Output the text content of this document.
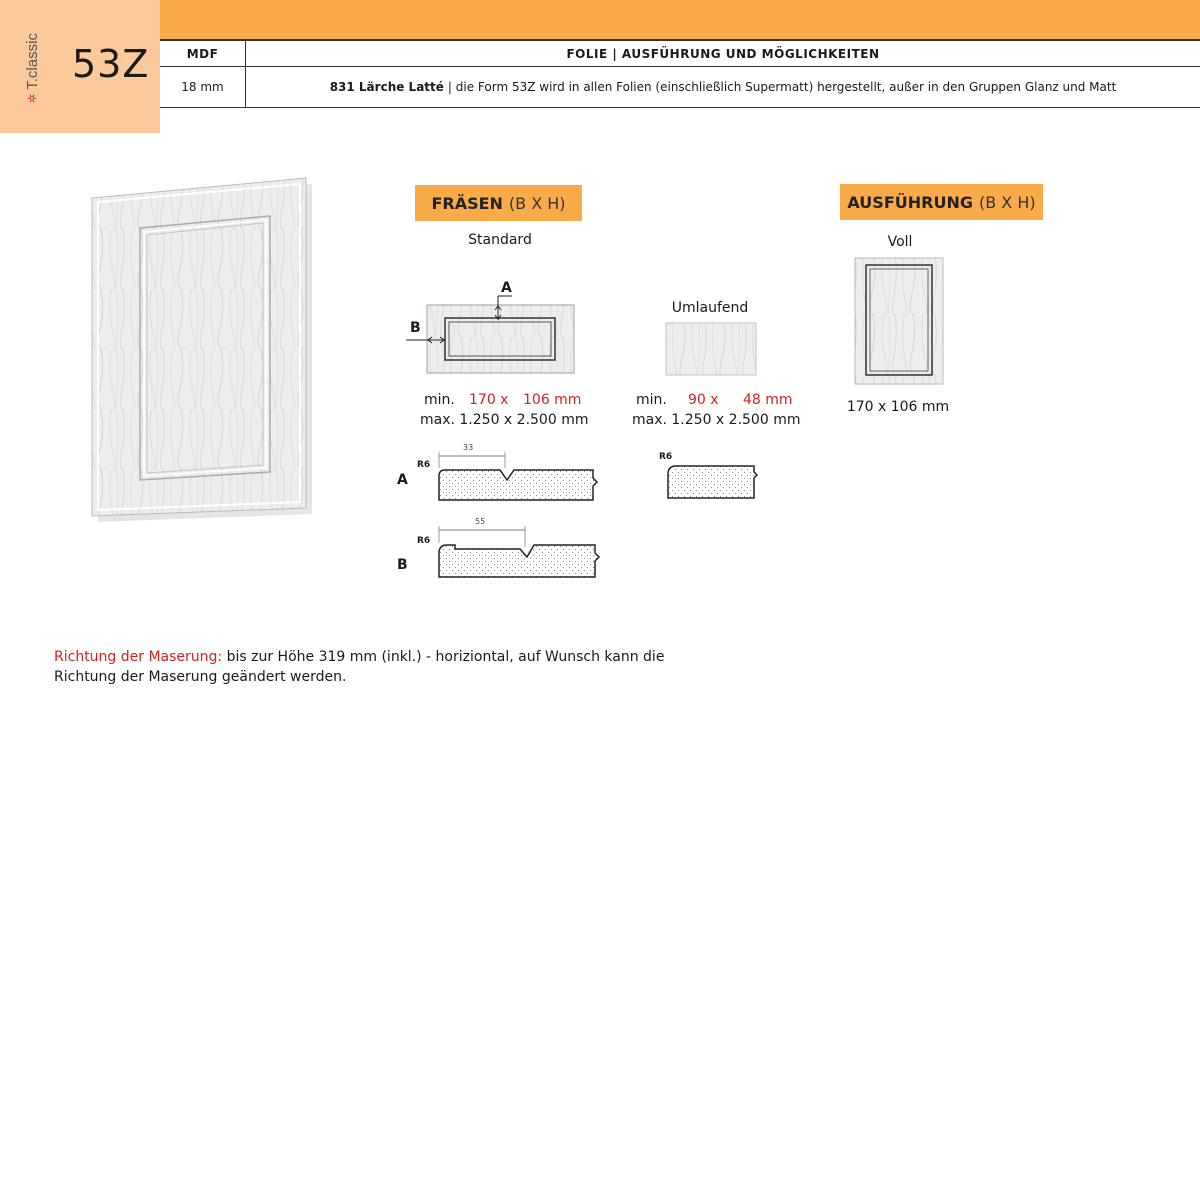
✲
T.classic 53Z	MDF	FOLIE | AUSFÜHRUNG UND MÖGLICHKEITEN
18 mm	831 Lärche Latté | die Form 53Z wird in allen Folien (einschließlich Supermatt) hergestellt, außer in den Gruppen Glanz und Matt
FRÄSEN (B X H)
Standard
A
B
min. 170 x 106 mm
max. 1.250 x 2.500 mm
Umlaufend
min. 90 x 48 mm
max. 1.250 x 2.500 mm
A
R6
33
B
R6
55
R6
AUSFÜHRUNG (B X H)
Voll
170 x 106 mm
Richtung der Maserung: bis zur Höhe 319 mm (inkl.) - horiziontal, auf Wunsch kann die Richtung der Maserung geändert werden.
